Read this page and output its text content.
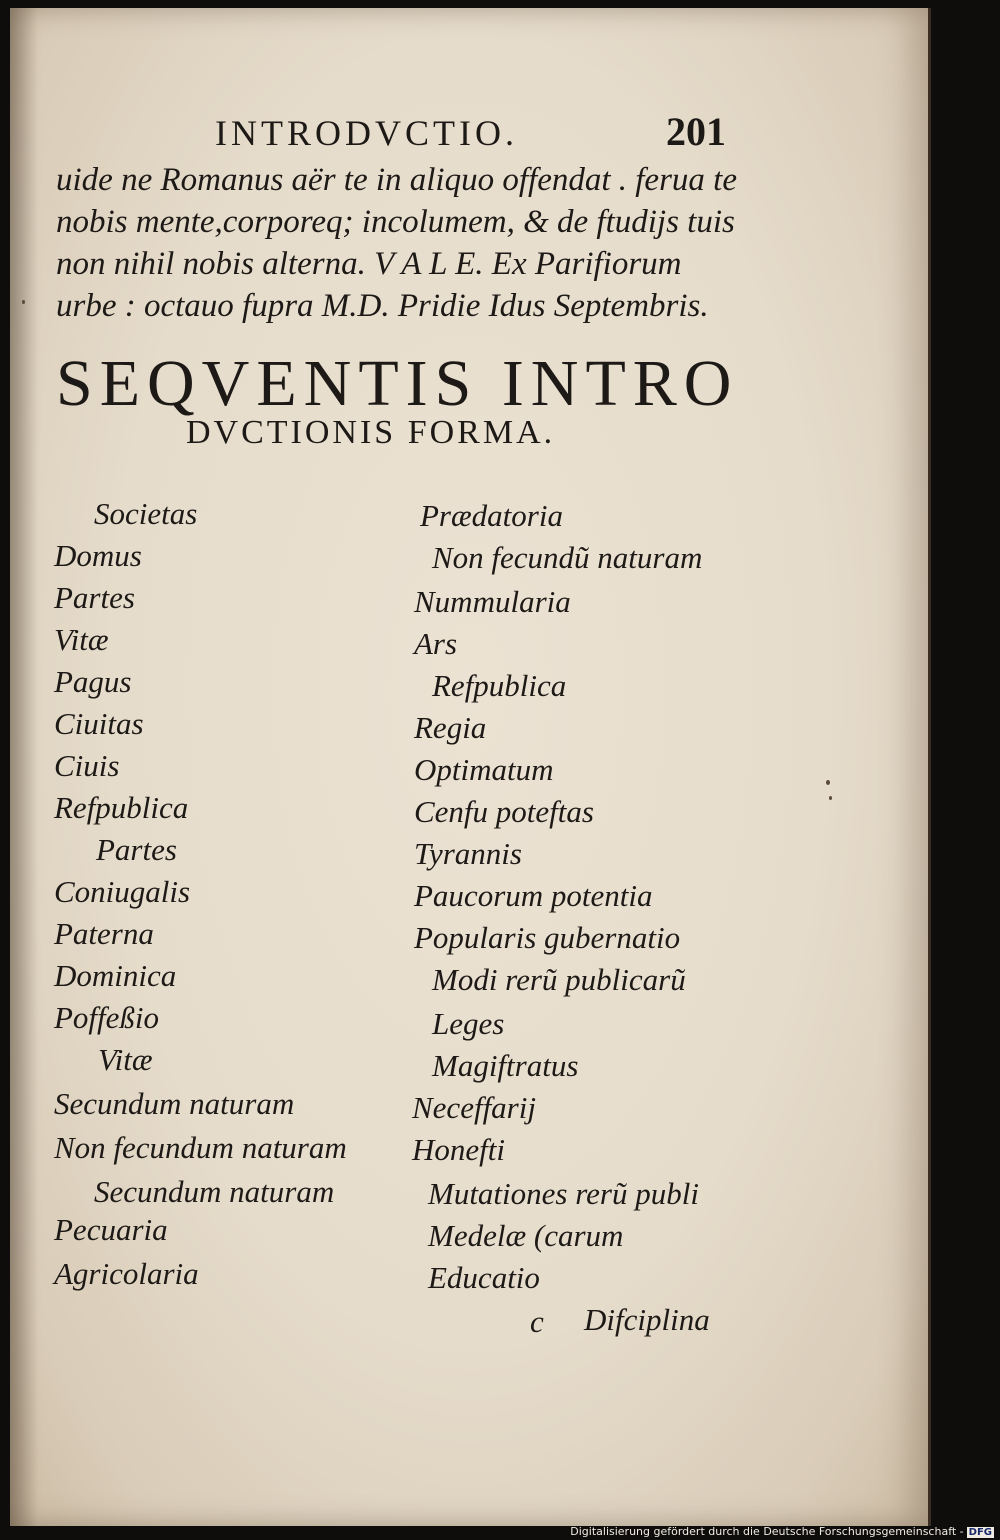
INTRODVCTIO.	201
uide ne Romanus aër te in aliquo offendat . ferua te
nobis mente,corporeq; incolumem, & de ftudijs tuis
non nihil nobis alterna. V A L E. Ex Parifiorum
urbe : octauo fupra M.D. Pridie Idus Septembris.
SEQVENTIS INTRO
DVCTIONIS FORMA.
Societas
Domus
Partes
Vitæ
Pagus
Ciuitas
Ciuis
Refpublica
Partes
Coniugalis
Paterna
Dominica
Poffeßio
Vitæ
Secundum naturam
Non fecundum naturam
Secundum naturam
Pecuaria
Agricolaria
Prædatoria
Non fecundũ naturam
Nummularia
Ars
Refpublica
Regia
Optimatum
Cenfu poteftas
Tyrannis
Paucorum potentia
Popularis gubernatio
Modi rerũ publicarũ
Leges
Magiftratus
Neceffarij
Honefti
Mutationes rerũ publi
Medelæ (carum
Educatio
c Difciplina
Digitalisierung gefördert durch die Deutsche Forschungsgemeinschaft - DFG
